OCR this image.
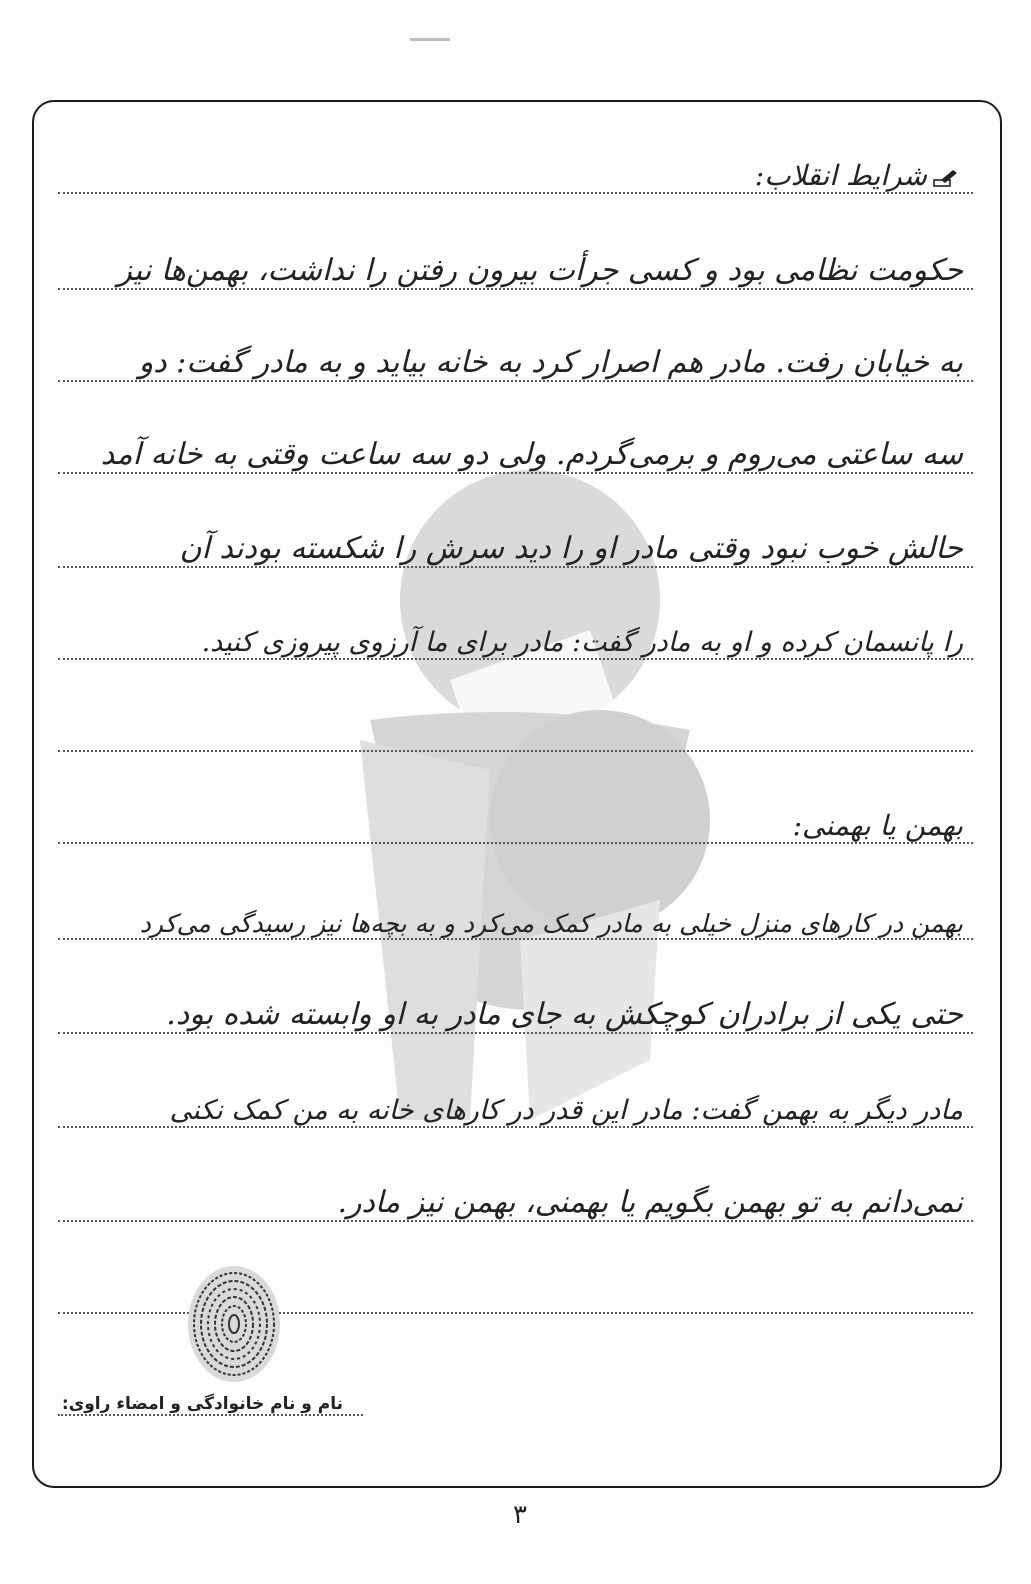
شرایط انقلاب:
حکومت نظامی بود و کسی جرأت بیرون رفتن را نداشت، بهمن‌ها نیز
به خیابان رفت. مادر هم اصرار کرد به خانه بیاید و به مادر گفت: دو
سه ساعتی می‌روم و برمی‌گردم. ولی دو سه ساعت وقتی به خانه آمد
حالش خوب نبود وقتی مادر او را دید سرش را شکسته بودند آن
را پانسمان کرده و او به مادر گفت: مادر برای ما آرزوی پیروزی کنید.
بهمن یا بهمنی:
بهمن در کارهای منزل خیلی به مادر کمک می‌کرد و به بچه‌ها نیز رسیدگی می‌کرد
حتی یکی از برادران کوچکش به جای مادر به او وابسته شده بود.
مادر دیگر به بهمن گفت: مادر این قدر در کارهای خانه به من کمک نکنی
نمی‌دانم به تو بهمن بگویم یا بهمنی، بهمن نیز مادر.
نام و نام خانوادگی و امضاء راوی:
۳
